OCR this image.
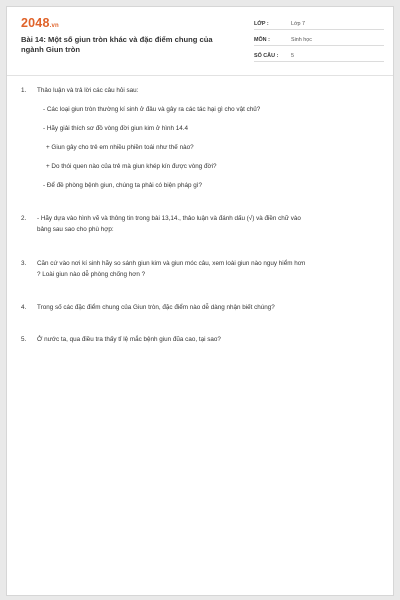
2048.vn
Bài 14: Một số giun tròn khác và đặc điểm chung của
ngành Giun tròn
LỚP :	Lớp 7
MÔN :	Sinh học
SỐ CÂU : 5
1. Thảo luận và trả lời các câu hỏi sau:
- Các loại giun tròn thường kí sinh ở đâu và gây ra các tác hại gì cho vật chủ?
- Hãy giải thích sơ đồ vòng đời giun kim ở hình 14.4
+ Giun gây cho trẻ em nhiều phiền toái như thế nào?
+ Do thói quen nào của trẻ mà giun khép kín được vòng đời?
- Để đề phòng bệnh giun, chúng ta phải có biện pháp gì?
2. - Hãy dựa vào hình vẽ và thông tin trong bài 13,14., thảo luận và đánh dấu (√) và điền chữ vào
bảng sau sao cho phù hợp:
3. Căn cứ vào nơi kí sinh hãy so sánh giun kim và giun móc câu, xem loài giun nào nguy hiểm hơn
? Loài giun nào dễ phòng chống hơn ?
4. Trong số các đặc điểm chung của Giun tròn, đặc điểm nào dễ dàng nhận biết chúng?
5. Ở nước ta, qua điều tra thấy tỉ lệ mắc bệnh giun đũa cao, tại sao?
